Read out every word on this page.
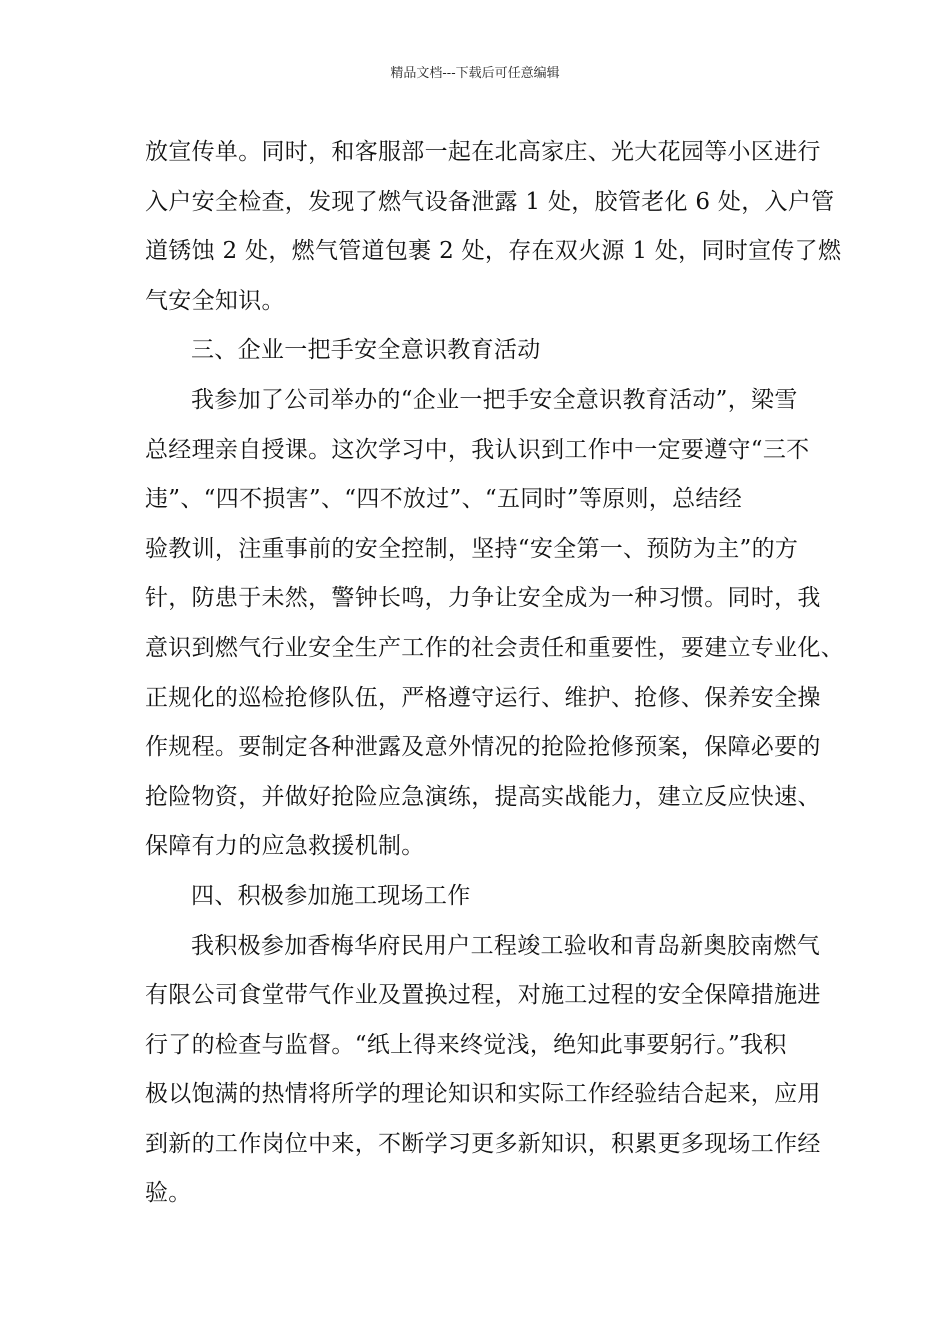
精品文档---下载后可任意编辑
放宣传单。同时，和客服部一起在北高家庄、光大花园等小区进行
入户安全检查，发现了燃气设备泄露 1 处，胶管老化 6 处，入户管
道锈蚀 2 处，燃气管道包裹 2 处，存在双火源 1 处，同时宣传了燃
气安全知识。
三、企业一把手安全意识教育活动
我参加了公司举办的“企业一把手安全意识教育活动”，梁雪
总经理亲自授课。这次学习中，我认识到工作中一定要遵守“三不
违”、“四不损害”、“四不放过”、“五同时”等原则，总结经
验教训，注重事前的安全控制，坚持“安全第一、预防为主”的方
针，防患于未然，警钟长鸣，力争让安全成为一种习惯。同时，我
意识到燃气行业安全生产工作的社会责任和重要性，要建立专业化、
正规化的巡检抢修队伍，严格遵守运行、维护、抢修、保养安全操
作规程。要制定各种泄露及意外情况的抢险抢修预案，保障必要的
抢险物资，并做好抢险应急演练，提高实战能力，建立反应快速、
保障有力的应急救援机制。
四、积极参加施工现场工作
我积极参加香梅华府民用户工程竣工验收和青岛新奥胶南燃气
有限公司食堂带气作业及置换过程，对施工过程的安全保障措施进
行了的检查与监督。“纸上得来终觉浅，绝知此事要躬行。”我积
极以饱满的热情将所学的理论知识和实际工作经验结合起来，应用
到新的工作岗位中来，不断学习更多新知识，积累更多现场工作经
验。
